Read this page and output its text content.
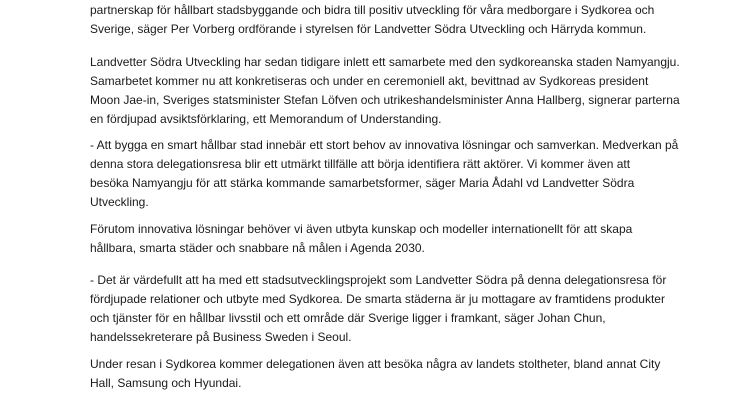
partnerskap för hållbart stadsbyggande och bidra till positiv utveckling för våra medborgare i Sydkorea och
Sverige, säger Per Vorberg ordförande i styrelsen för Landvetter Södra Utveckling och Härryda kommun.
Landvetter Södra Utveckling har sedan tidigare inlett ett samarbete med den sydkoreanska staden Namyangju.
Samarbetet kommer nu att konkretiseras och under en ceremoniell akt, bevittnad av Sydkoreas president
Moon Jae-in, Sveriges statsminister Stefan Löfven och utrikeshandelsminister Anna Hallberg, signerar parterna
en fördjupad avsiktsförklaring, ett Memorandum of Understanding.
- Att bygga en smart hållbar stad innebär ett stort behov av innovativa lösningar och samverkan. Medverkan på
denna stora delegationsresa blir ett utmärkt tillfälle att börja identifiera rätt aktörer. Vi kommer även att
besöka Namyangju för att stärka kommande samarbetsformer, säger Maria Ådahl vd Landvetter Södra
Utveckling.
Förutom innovativa lösningar behöver vi även utbyta kunskap och modeller internationellt för att skapa
hållbara, smarta städer och snabbare nå målen i Agenda 2030.
- Det är värdefullt att ha med ett stadsutvecklingsprojekt som Landvetter Södra på denna delegationsresa för
fördjupade relationer och utbyte med Sydkorea. De smarta städerna är ju mottagare av framtidens produkter
och tjänster för en hållbar livsstil och ett område där Sverige ligger i framkant, säger Johan Chun,
handelssekreterare på Business Sweden i Seoul.
Under resan i Sydkorea kommer delegationen även att besöka några av landets stoltheter, bland annat City
Hall, Samsung och Hyundai.
